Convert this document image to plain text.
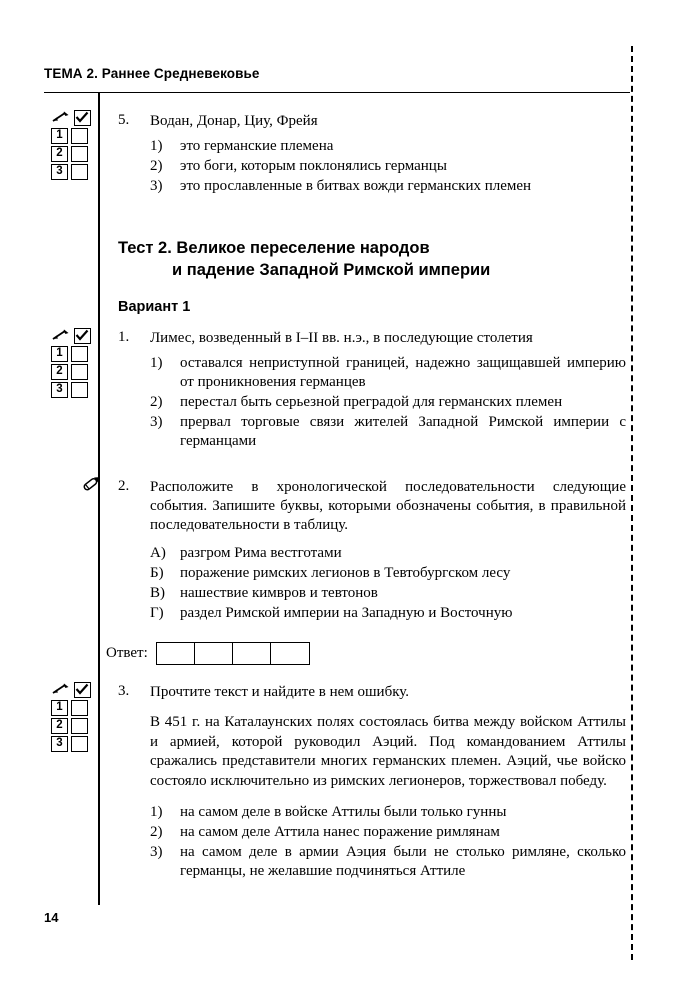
ТЕМА 2. Раннее Средневековье
1
2
3
5.	Водан, Донар, Циу, Фрейя
1) это германские племена
2) это боги, которым поклонялись германцы
3) это прославленные в битвах вожди германских племен
Тест 2. Великое переселение народов
и падение Западной Римской империи
Вариант 1
1
2
3
1.	Лимес, возведенный в I–II вв. н.э., в последующие столетия
1) оставался неприступной границей, надежно защищавшей империю от проникновения германцев
2) перестал быть серьезной преградой для германских племен
3) прервал торговые связи жителей Западной Римской империи с германцами
2.	Расположите в хронологической последовательности следующие события. Запишите буквы, которыми обозначены события, в правильной последовательности в таблицу.
А) разгром Рима вестготами
Б) поражение римских легионов в Тевтобургском лесу
В) нашествие кимвров и тевтонов
Г) раздел Римской империи на Западную и Восточную
Ответ:
1
2
3
3.	Прочтите текст и найдите в нем ошибку.
В 451 г. на Каталаунских полях состоялась битва между войском Аттилы и армией, которой руководил Аэций. Под командованием Аттилы сражались представители многих германских племен. Аэций, чье войско состояло исключительно из римских легионеров, торжествовал победу.
1) на самом деле в войске Аттилы были только гунны
2) на самом деле Аттила нанес поражение римлянам
3) на самом деле в армии Аэция были не столько римляне, сколько германцы, не желавшие подчиняться Аттиле
14
